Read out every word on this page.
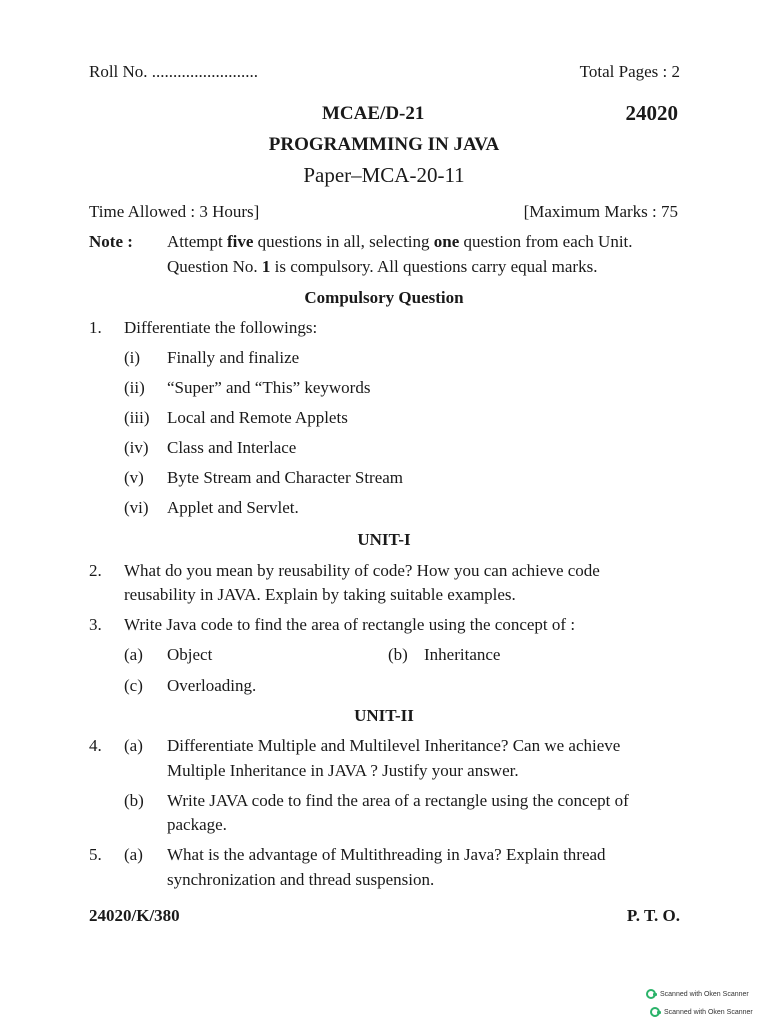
Roll No. .........................	Total Pages : 2
MCAE/D-21	24020
PROGRAMMING IN JAVA
Paper–MCA-20-11
Time Allowed : 3 Hours]	[Maximum Marks : 75
Note : Attempt five questions in all, selecting one question from each Unit.
Question No. 1 is compulsory. All questions carry equal marks.
Compulsory Question
1. Differentiate the followings:
(i) Finally and finalize
(ii) “Super” and “This” keywords
(iii) Local and Remote Applets
(iv) Class and Interlace
(v) Byte Stream and Character Stream
(vi) Applet and Servlet.
UNIT-I
2. What do you mean by reusability of code? How you can achieve code
reusability in JAVA. Explain by taking suitable examples.
3. Write Java code to find the area of rectangle using the concept of :
(a) Object	(b) Inheritance
(c) Overloading.
UNIT-II
4. (a) Differentiate Multiple and Multilevel Inheritance? Can we achieve
Multiple Inheritance in JAVA ? Justify your answer.
(b) Write JAVA code to find the area of a rectangle using the concept of
package.
5. (a) What is the advantage of Multithreading in Java? Explain thread
synchronization and thread suspension.
24020/K/380	P. T. O.
Scanned with Oken Scanner
Scanned with Oken Scanner
